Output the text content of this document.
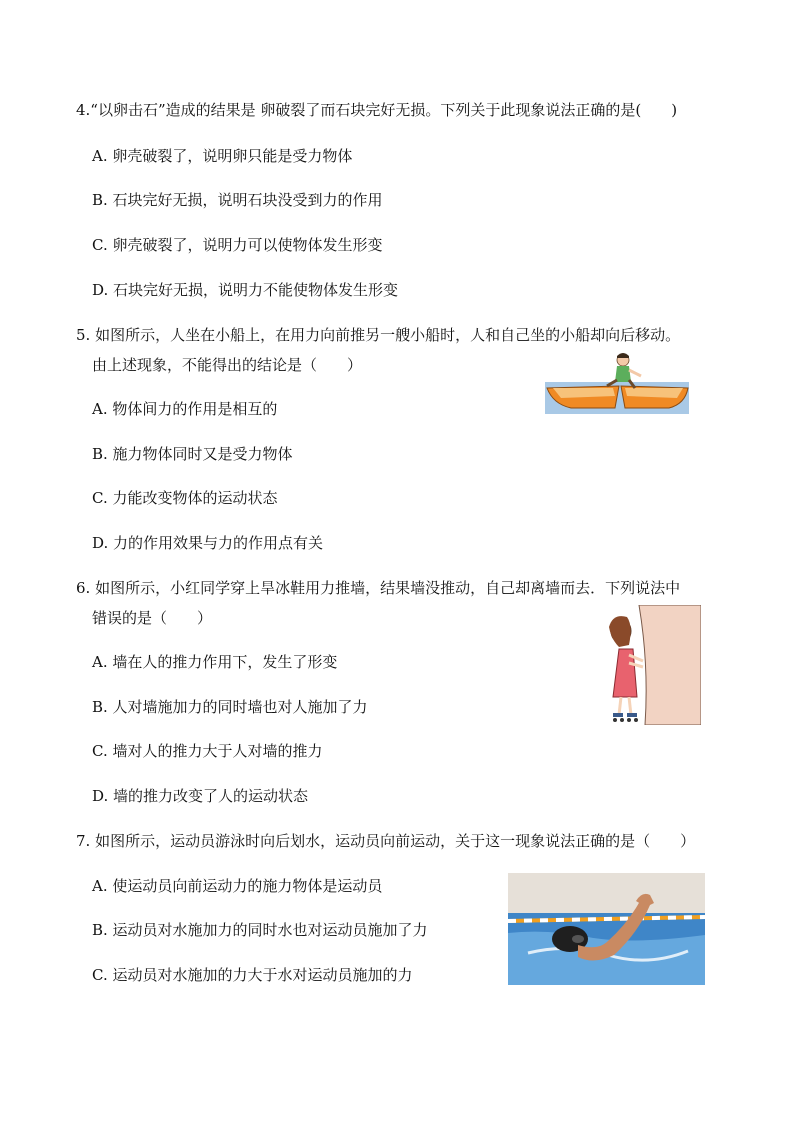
4.“以卵击石”造成的结果是 卵破裂了而石块完好无损。下列关于此现象说法正确的是(　　)
A. 卵壳破裂了，说明卵只能是受力物体
B. 石块完好无损，说明石块没受到力的作用
C. 卵壳破裂了，说明力可以使物体发生形变
D. 石块完好无损，说明力不能使物体发生形变
5. 如图所示，人坐在小船上，在用力向前推另一艘小船时，人和自己坐的小船却向后移动。
由上述现象，不能得出的结论是（　　）
A. 物体间力的作用是相互的
B. 施力物体同时又是受力物体
C. 力能改变物体的运动状态
D. 力的作用效果与力的作用点有关
6. 如图所示，小红同学穿上旱冰鞋用力推墙，结果墙没推动，自己却离墙而去．下列说法中
错误的是（　　）
A. 墙在人的推力作用下，发生了形变
B. 人对墙施加力的同时墙也对人施加了力
C. 墙对人的推力大于人对墙的推力
D. 墙的推力改变了人的运动状态
7. 如图所示，运动员游泳时向后划水，运动员向前运动，关于这一现象说法正确的是（　　）
A. 使运动员向前运动力的施力物体是运动员
B. 运动员对水施加力的同时水也对运动员施加了力
C. 运动员对水施加的力大于水对运动员施加的力
